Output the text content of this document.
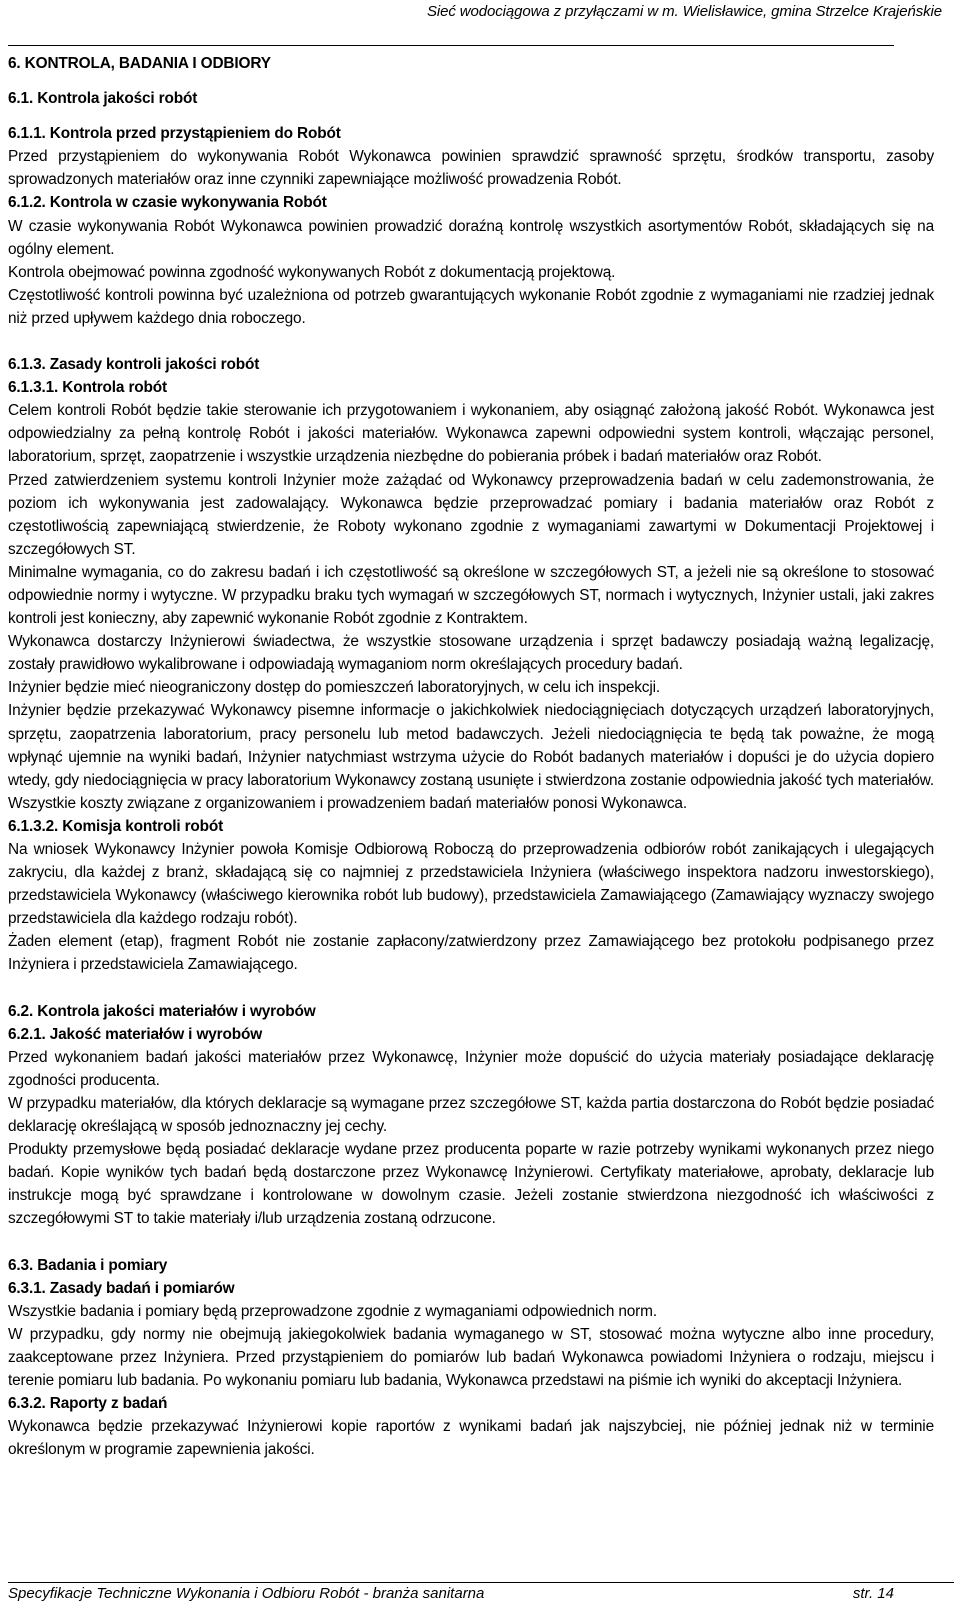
Sieć wodociągowa z przyłączami w m. Wielisławice, gmina Strzelce Krajeńskie

6. KONTROLA, BADANIA I ODBIORY

6.1. Kontrola jakości robót

6.1.1. Kontrola przed przystąpieniem do Robót

Przed przystąpieniem do wykonywania Robót Wykonawca powinien sprawdzić sprawność sprzętu, środków transportu, zasoby sprowadzonych materiałów oraz inne czynniki zapewniające możliwość prowadzenia Robót.

6.1.2. Kontrola w czasie wykonywania Robót

W czasie wykonywania Robót Wykonawca powinien prowadzić doraźną kontrolę wszystkich asortymentów Robót, składających się na ogólny element.

Kontrola obejmować powinna zgodność wykonywanych Robót z dokumentacją projektową.

Częstotliwość kontroli powinna być uzależniona od potrzeb gwarantujących wykonanie Robót zgodnie z wymaganiami nie rzadziej jednak niż przed upływem każdego dnia roboczego.

6.1.3. Zasady kontroli jakości robót

6.1.3.1. Kontrola robót

Celem kontroli Robót będzie takie sterowanie ich przygotowaniem i wykonaniem, aby osiągnąć założoną jakość Robót. Wykonawca jest odpowiedzialny za pełną kontrolę Robót i jakości materiałów. Wykonawca zapewni odpowiedni system kontroli, włączając personel, laboratorium, sprzęt, zaopatrzenie i wszystkie urządzenia niezbędne do pobierania próbek i badań materiałów oraz Robót.

Przed zatwierdzeniem systemu kontroli Inżynier może zażądać od Wykonawcy przeprowadzenia badań w celu zademonstrowania, że poziom ich wykonywania jest zadowalający. Wykonawca będzie przeprowadzać pomiary i badania materiałów oraz Robót z częstotliwością zapewniającą stwierdzenie, że Roboty wykonano zgodnie z wymaganiami zawartymi w Dokumentacji Projektowej i szczegółowych ST.

Minimalne wymagania, co do zakresu badań i ich częstotliwość są określone w szczegółowych ST, a jeżeli nie są określone to stosować odpowiednie normy i wytyczne. W przypadku braku tych wymagań w szczegółowych ST, normach i wytycznych, Inżynier ustali, jaki zakres kontroli jest konieczny, aby zapewnić wykonanie Robót zgodnie z Kontraktem.

Wykonawca dostarczy Inżynierowi świadectwa, że wszystkie stosowane urządzenia i sprzęt badawczy posiadają ważną legalizację, zostały prawidłowo wykalibrowane i odpowiadają wymaganiom norm określających procedury badań.

Inżynier będzie mieć nieograniczony dostęp do pomieszczeń laboratoryjnych, w celu ich inspekcji.

Inżynier będzie przekazywać Wykonawcy pisemne informacje o jakichkolwiek niedociągnięciach dotyczących urządzeń laboratoryjnych, sprzętu, zaopatrzenia laboratorium, pracy personelu lub metod badawczych. Jeżeli niedociągnięcia te będą tak poważne, że mogą wpłynąć ujemnie na wyniki badań, Inżynier natychmiast wstrzyma użycie do Robót badanych materiałów i dopuści je do użycia dopiero wtedy, gdy niedociągnięcia w pracy laboratorium Wykonawcy zostaną usunięte i stwierdzona zostanie odpowiednia jakość tych materiałów. Wszystkie koszty związane z organizowaniem i prowadzeniem badań materiałów ponosi Wykonawca.

6.1.3.2. Komisja kontroli robót

Na wniosek Wykonawcy Inżynier powoła Komisje Odbiorową Roboczą do przeprowadzenia odbiorów robót zanikających i ulegających zakryciu, dla każdej z branż, składającą się co najmniej z przedstawiciela Inżyniera (właściwego inspektora nadzoru inwestorskiego), przedstawiciela Wykonawcy (właściwego kierownika robót lub budowy), przedstawiciela Zamawiającego (Zamawiający wyznaczy swojego przedstawiciela dla każdego rodzaju robót).

Żaden element (etap), fragment Robót nie zostanie zapłacony/zatwierdzony przez Zamawiającego bez protokołu podpisanego przez Inżyniera i przedstawiciela Zamawiającego.

6.2. Kontrola jakości materiałów i wyrobów

6.2.1. Jakość materiałów i wyrobów

Przed wykonaniem badań jakości materiałów przez Wykonawcę, Inżynier może dopuścić do użycia materiały posiadające deklarację zgodności producenta.

W przypadku materiałów, dla których deklaracje są wymagane przez szczegółowe ST, każda partia dostarczona do Robót będzie posiadać deklarację określającą w sposób jednoznaczny jej cechy.

Produkty przemysłowe będą posiadać deklaracje wydane przez producenta poparte w razie potrzeby wynikami wykonanych przez niego badań. Kopie wyników tych badań będą dostarczone przez Wykonawcę Inżynierowi. Certyfikaty materiałowe, aprobaty, deklaracje lub instrukcje mogą być sprawdzane i kontrolowane w dowolnym czasie. Jeżeli zostanie stwierdzona niezgodność ich właściwości z szczegółowymi ST to takie materiały i/lub urządzenia zostaną odrzucone.

6.3. Badania i pomiary

6.3.1. Zasady badań i pomiarów

Wszystkie badania i pomiary będą przeprowadzone zgodnie z wymaganiami odpowiednich norm.

W przypadku, gdy normy nie obejmują jakiegokolwiek badania wymaganego w ST, stosować można wytyczne albo inne procedury, zaakceptowane przez Inżyniera. Przed przystąpieniem do pomiarów lub badań Wykonawca powiadomi Inżyniera o rodzaju, miejscu i terenie pomiaru lub badania. Po wykonaniu pomiaru lub badania, Wykonawca przedstawi na piśmie ich wyniki do akceptacji Inżyniera.

6.3.2. Raporty z badań

Wykonawca będzie przekazywać Inżynierowi kopie raportów z wynikami badań jak najszybciej, nie później jednak niż w terminie określonym w programie zapewnienia jakości.

Specyfikacje Techniczne Wykonania i Odbioru Robót - branża sanitarna	str. 14
